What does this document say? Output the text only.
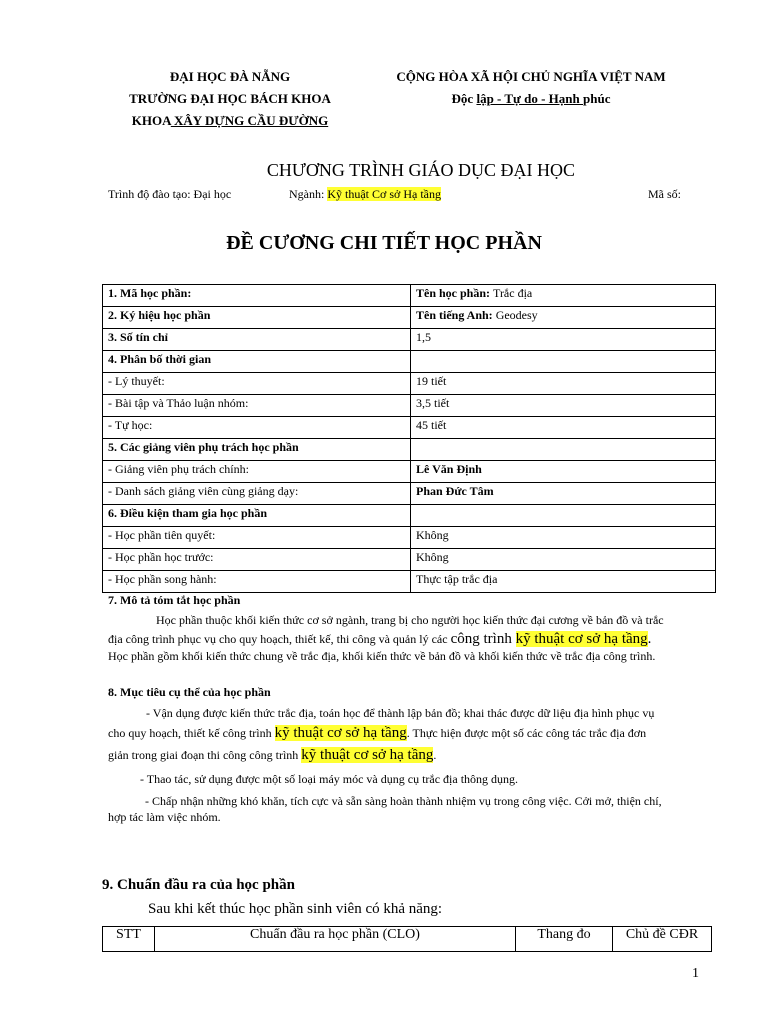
ĐẠI HỌC ĐÀ NẴNG
TRƯỜNG ĐẠI HỌC BÁCH KHOA
KHOA XÂY DỰNG CẦU ĐƯỜNG
CỘNG HÒA XÃ HỘI CHỦ NGHĨA VIỆT NAM
Độc lập - Tự do - Hạnh phúc
CHƯƠNG TRÌNH GIÁO DỤC ĐẠI HỌC
Trình độ đào tạo: Đại học	Ngành: Kỹ thuật Cơ sở Hạ tầng	Mã số:
ĐỀ CƯƠNG CHI TIẾT HỌC PHẦN
1. Mã học phần:	Tên học phần: Trắc địa
2. Ký hiệu học phần	Tên tiếng Anh: Geodesy
3. Số tín chỉ	1,5
4. Phân bố thời gian	
- Lý thuyết:	19 tiết
- Bài tập và Thảo luận nhóm:	3,5 tiết
- Tự học:	45 tiết
5. Các giảng viên phụ trách học phần	
- Giảng viên phụ trách chính:	Lê Văn Định
- Danh sách giảng viên cùng giảng dạy:	Phan Đức Tâm
6. Điều kiện tham gia học phần	
- Học phần tiên quyết:	Không
- Học phần học trước:	Không
- Học phần song hành:	Thực tập trắc địa
7. Mô tả tóm tắt học phần
Học phần thuộc khối kiến thức cơ sở ngành, trang bị cho người học kiến thức đại cương về bản đồ và trắc
địa công trình phục vụ cho quy hoạch, thiết kế, thi công và quản lý các công trình kỹ thuật cơ sở hạ tầng.
Học phần gồm khối kiến thức chung về trắc địa, khối kiến thức về bản đồ và khối kiến thức về trắc địa công trình.
8. Mục tiêu cụ thể của học phần
- Vận dụng được kiến thức trắc địa, toán học để thành lập bản đồ; khai thác được dữ liệu địa hình phục vụ
cho quy hoạch, thiết kế công trình kỹ thuật cơ sở hạ tầng. Thực hiện được một số các công tác trắc địa đơn
giản trong giai đoạn thi công công trình kỹ thuật cơ sở hạ tầng.
- Thao tác, sử dụng được một số loại máy móc và dụng cụ trắc địa thông dụng.
- Chấp nhận những khó khăn, tích cực và sẵn sàng hoàn thành nhiệm vụ trong công việc. Cởi mở, thiện chí,
hợp tác làm việc nhóm.
9. Chuẩn đầu ra của học phần
Sau khi kết thúc học phần sinh viên có khả năng:
STT	Chuẩn đầu ra học phần (CLO)	Thang đo	Chủ đề CĐR
1
